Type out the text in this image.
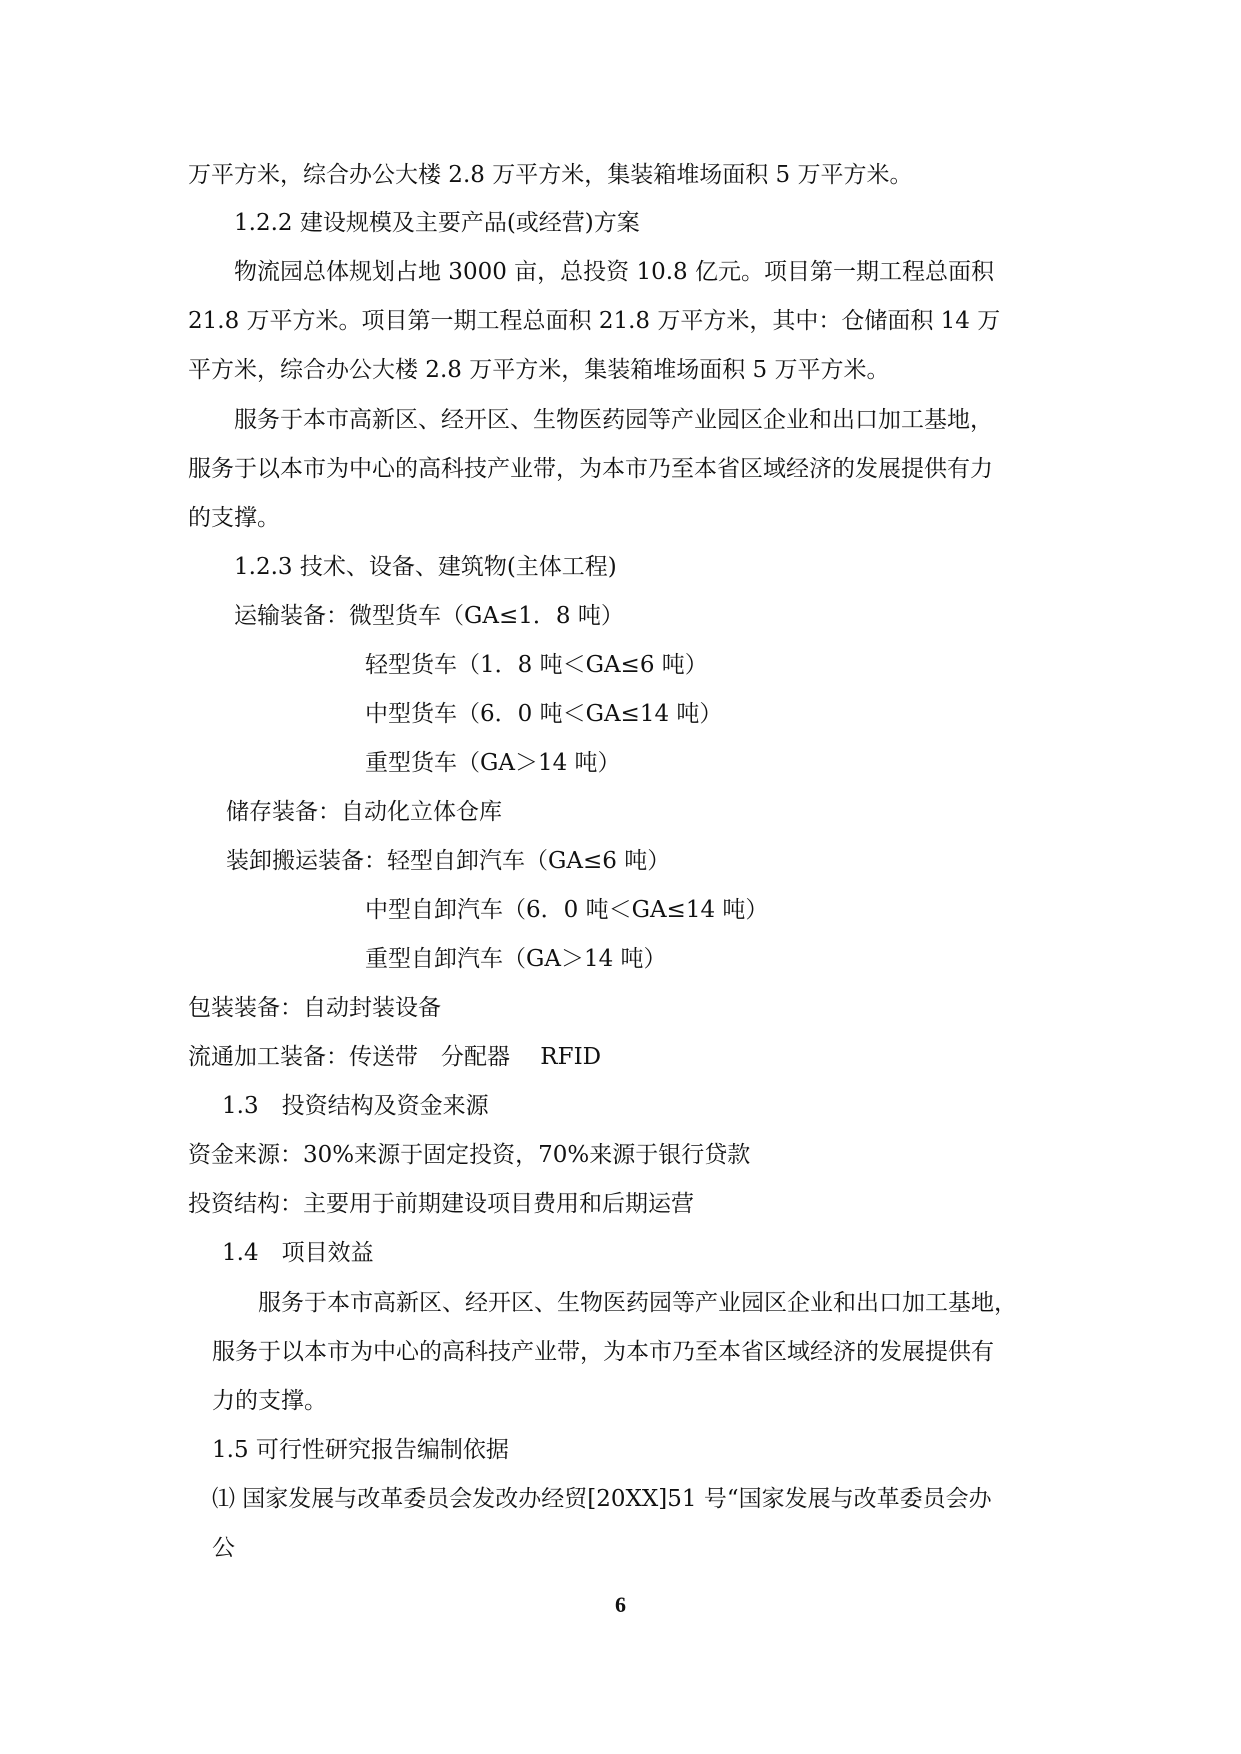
万平方米，综合办公大楼 2.8 万平方米，集装箱堆场面积 5 万平方米。
1.2.2 建设规模及主要产品(或经营)方案
物流园总体规划占地 3000 亩，总投资 10.8 亿元。项目第一期工程总面积
21.8 万平方米。项目第一期工程总面积 21.8 万平方米，其中：仓储面积 14 万
平方米，综合办公大楼 2.8 万平方米，集装箱堆场面积 5 万平方米。
服务于本市高新区、经开区、生物医药园等产业园区企业和出口加工基地，
服务于以本市为中心的高科技产业带，为本市乃至本省区域经济的发展提供有力
的支撑。
1.2.3 技术、设备、建筑物(主体工程)
运输装备：微型货车（GA≤1．8 吨）
轻型货车（1．8 吨＜GA≤6 吨）
中型货车（6．0 吨＜GA≤14 吨）
重型货车（GA＞14 吨）
储存装备：自动化立体仓库
装卸搬运装备：轻型自卸汽车（GA≤6 吨）
中型自卸汽车（6．0 吨＜GA≤14 吨）
重型自卸汽车（GA＞14 吨）
包装装备：自动封装设备
流通加工装备：传送带　分配器　 RFID
1.3　投资结构及资金来源
资金来源：30%来源于固定投资，70%来源于银行贷款
投资结构：主要用于前期建设项目费用和后期运营
1.4　项目效益
服务于本市高新区、经开区、生物医药园等产业园区企业和出口加工基地，
服务于以本市为中心的高科技产业带，为本市乃至本省区域经济的发展提供有
力的支撑。
1.5 可行性研究报告编制依据
⑴ 国家发展与改革委员会发改办经贸[20XX]51 号“国家发展与改革委员会办
公
6
